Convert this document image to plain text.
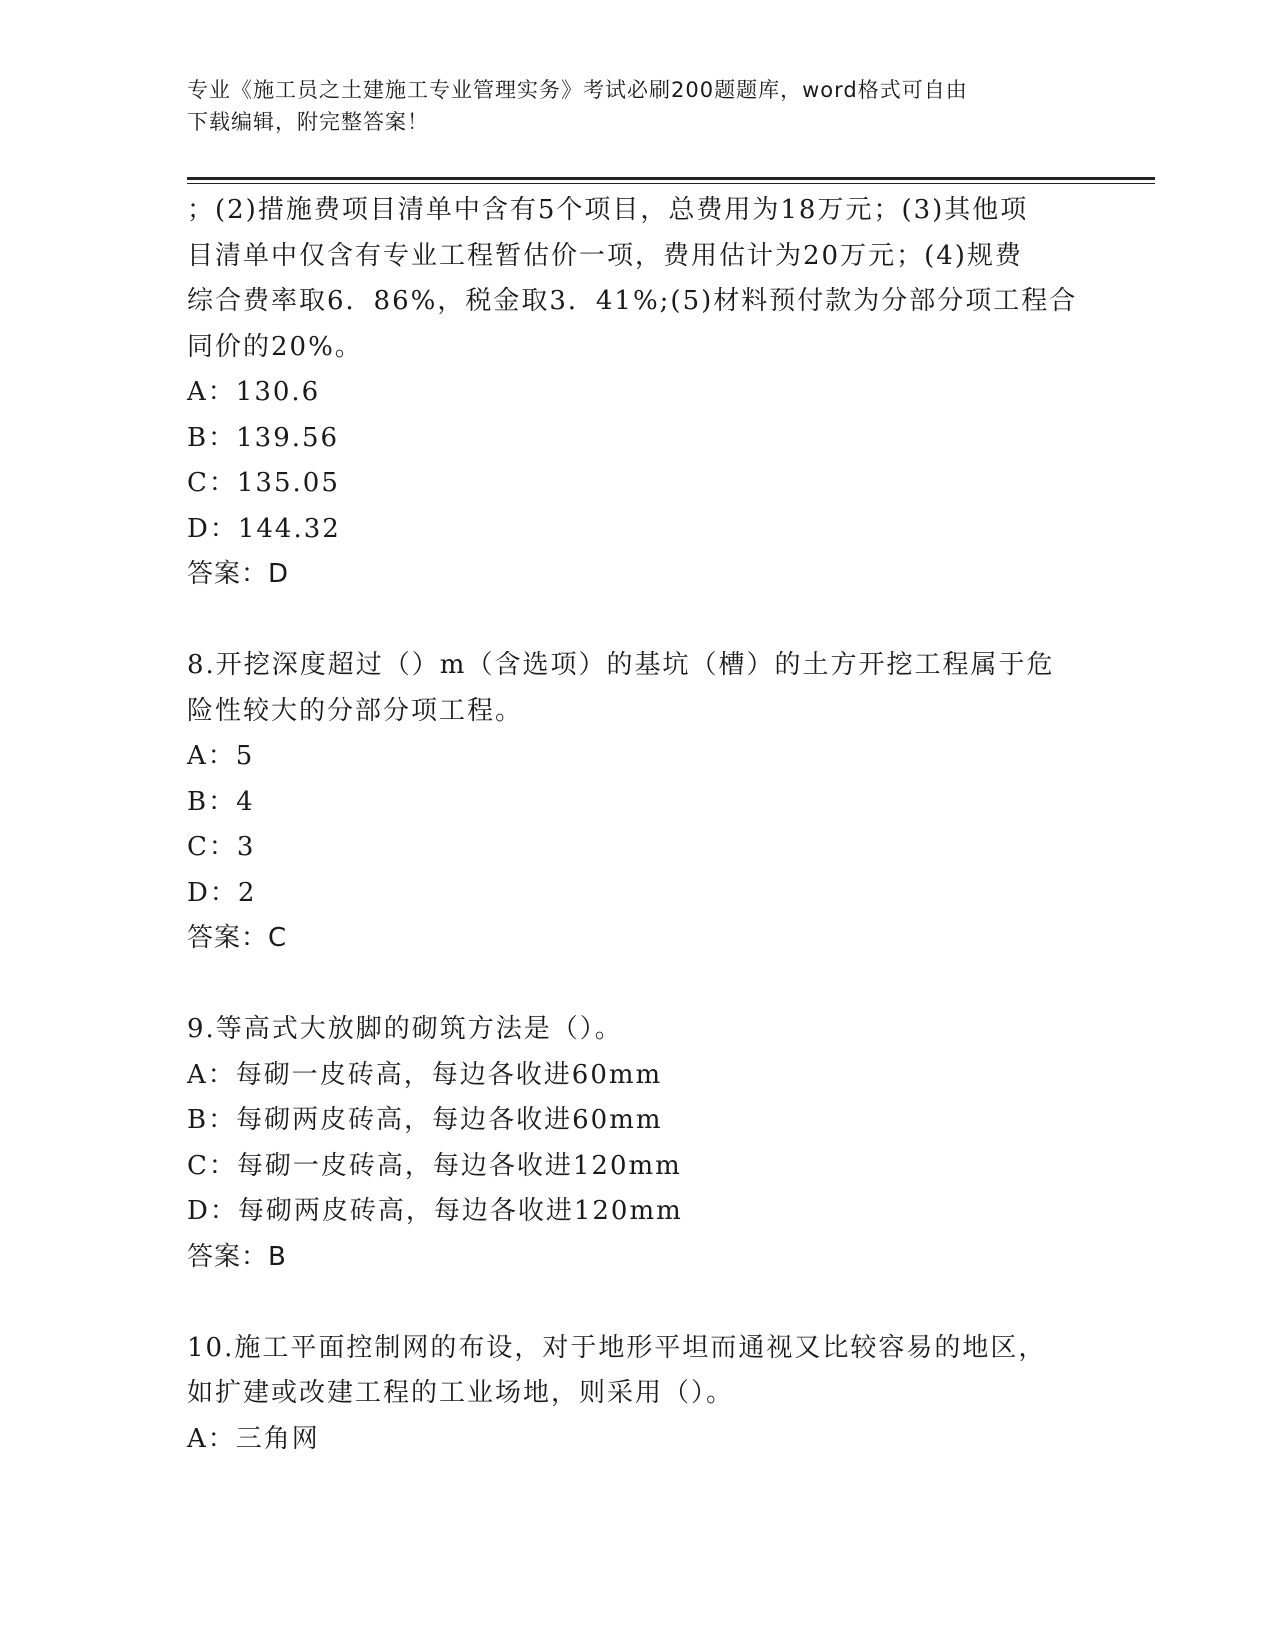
专业《施工员之土建施工专业管理实务》考试必刷200题题库，word格式可自由
下载编辑，附完整答案！

；(2)措施费项目清单中含有5个项目，总费用为18万元；(3)其他项

目清单中仅含有专业工程暂估价一项，费用估计为20万元；(4)规费

综合费率取6．86%，税金取3．41%;(5)材料预付款为分部分项工程合

同价的20%。

A：130.6

B：139.56

C：135.05

D：144.32

答案：D

8.开挖深度超过（）m（含选项）的基坑（槽）的土方开挖工程属于危

险性较大的分部分项工程。

A：5

B：4

C：3

D：2

答案：C

9.等高式大放脚的砌筑方法是（）。

A：每砌一皮砖高，每边各收进60mm

B：每砌两皮砖高，每边各收进60mm

C：每砌一皮砖高，每边各收进120mm

D：每砌两皮砖高，每边各收进120mm

答案：B

10.施工平面控制网的布设，对于地形平坦而通视又比较容易的地区，

如扩建或改建工程的工业场地，则采用（）。

A：三角网
